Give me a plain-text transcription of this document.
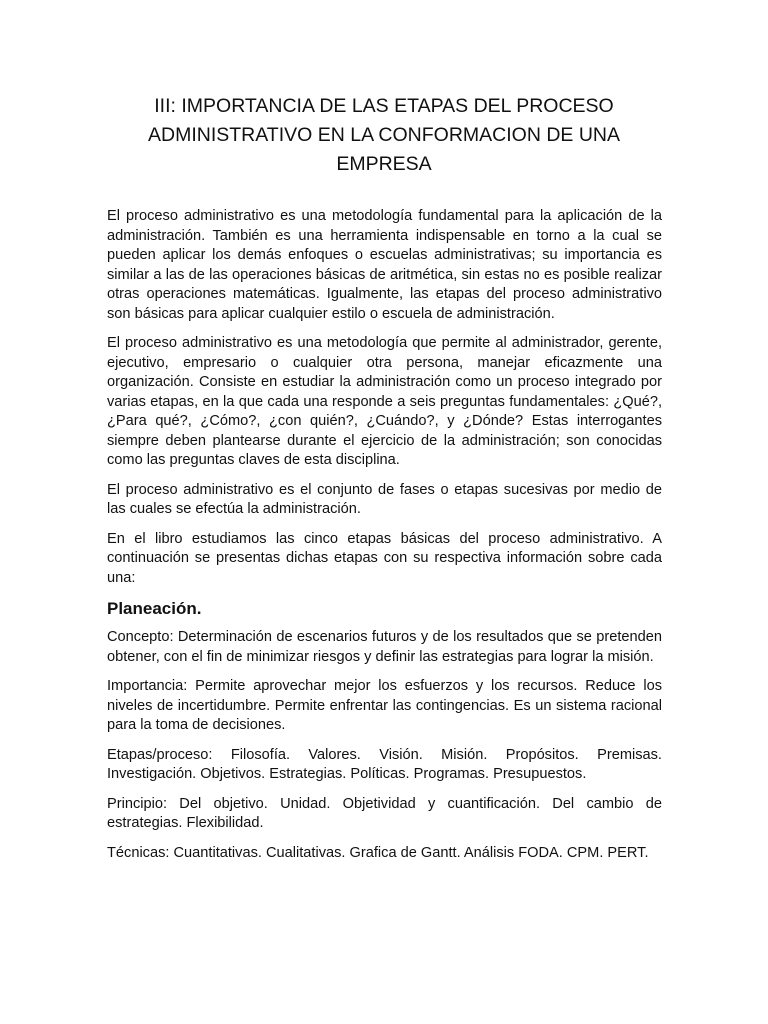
III: IMPORTANCIA DE LAS ETAPAS DEL PROCESO
ADMINISTRATIVO EN LA CONFORMACION DE UNA
EMPRESA

El proceso administrativo es una metodología fundamental para la aplicación de la administración. También es una herramienta indispensable en torno a la cual se pueden aplicar los demás enfoques o escuelas administrativas; su importancia es similar a las de las operaciones básicas de aritmética, sin estas no es posible realizar otras operaciones matemáticas. Igualmente, las etapas del proceso administrativo son básicas para aplicar cualquier estilo o escuela de administración.

El proceso administrativo es una metodología que permite al administrador, gerente, ejecutivo, empresario o cualquier otra persona, manejar eficazmente una organización. Consiste en estudiar la administración como un proceso integrado por varias etapas, en la que cada una responde a seis preguntas fundamentales: ¿Qué?, ¿Para qué?, ¿Cómo?, ¿con quién?, ¿Cuándo?, y ¿Dónde? Estas interrogantes siempre deben plantearse durante el ejercicio de la administración; son conocidas como las preguntas claves de esta disciplina.

El proceso administrativo es el conjunto de fases o etapas sucesivas por medio de las cuales se efectúa la administración.

En el libro estudiamos las cinco etapas básicas del proceso administrativo. A continuación se presentas dichas etapas con su respectiva información sobre cada una:

Planeación.

Concepto: Determinación de escenarios futuros y de los resultados que se pretenden obtener, con el fin de minimizar riesgos y definir las estrategias para lograr la misión.

Importancia: Permite aprovechar mejor los esfuerzos y los recursos. Reduce los niveles de incertidumbre. Permite enfrentar las contingencias. Es un sistema racional para la toma de decisiones.

Etapas/proceso: Filosofía. Valores. Visión. Misión. Propósitos. Premisas. Investigación. Objetivos. Estrategias. Políticas. Programas. Presupuestos.

Principio: Del objetivo. Unidad. Objetividad y cuantificación. Del cambio de estrategias. Flexibilidad.

Técnicas: Cuantitativas. Cualitativas. Grafica de Gantt. Análisis FODA. CPM. PERT.
